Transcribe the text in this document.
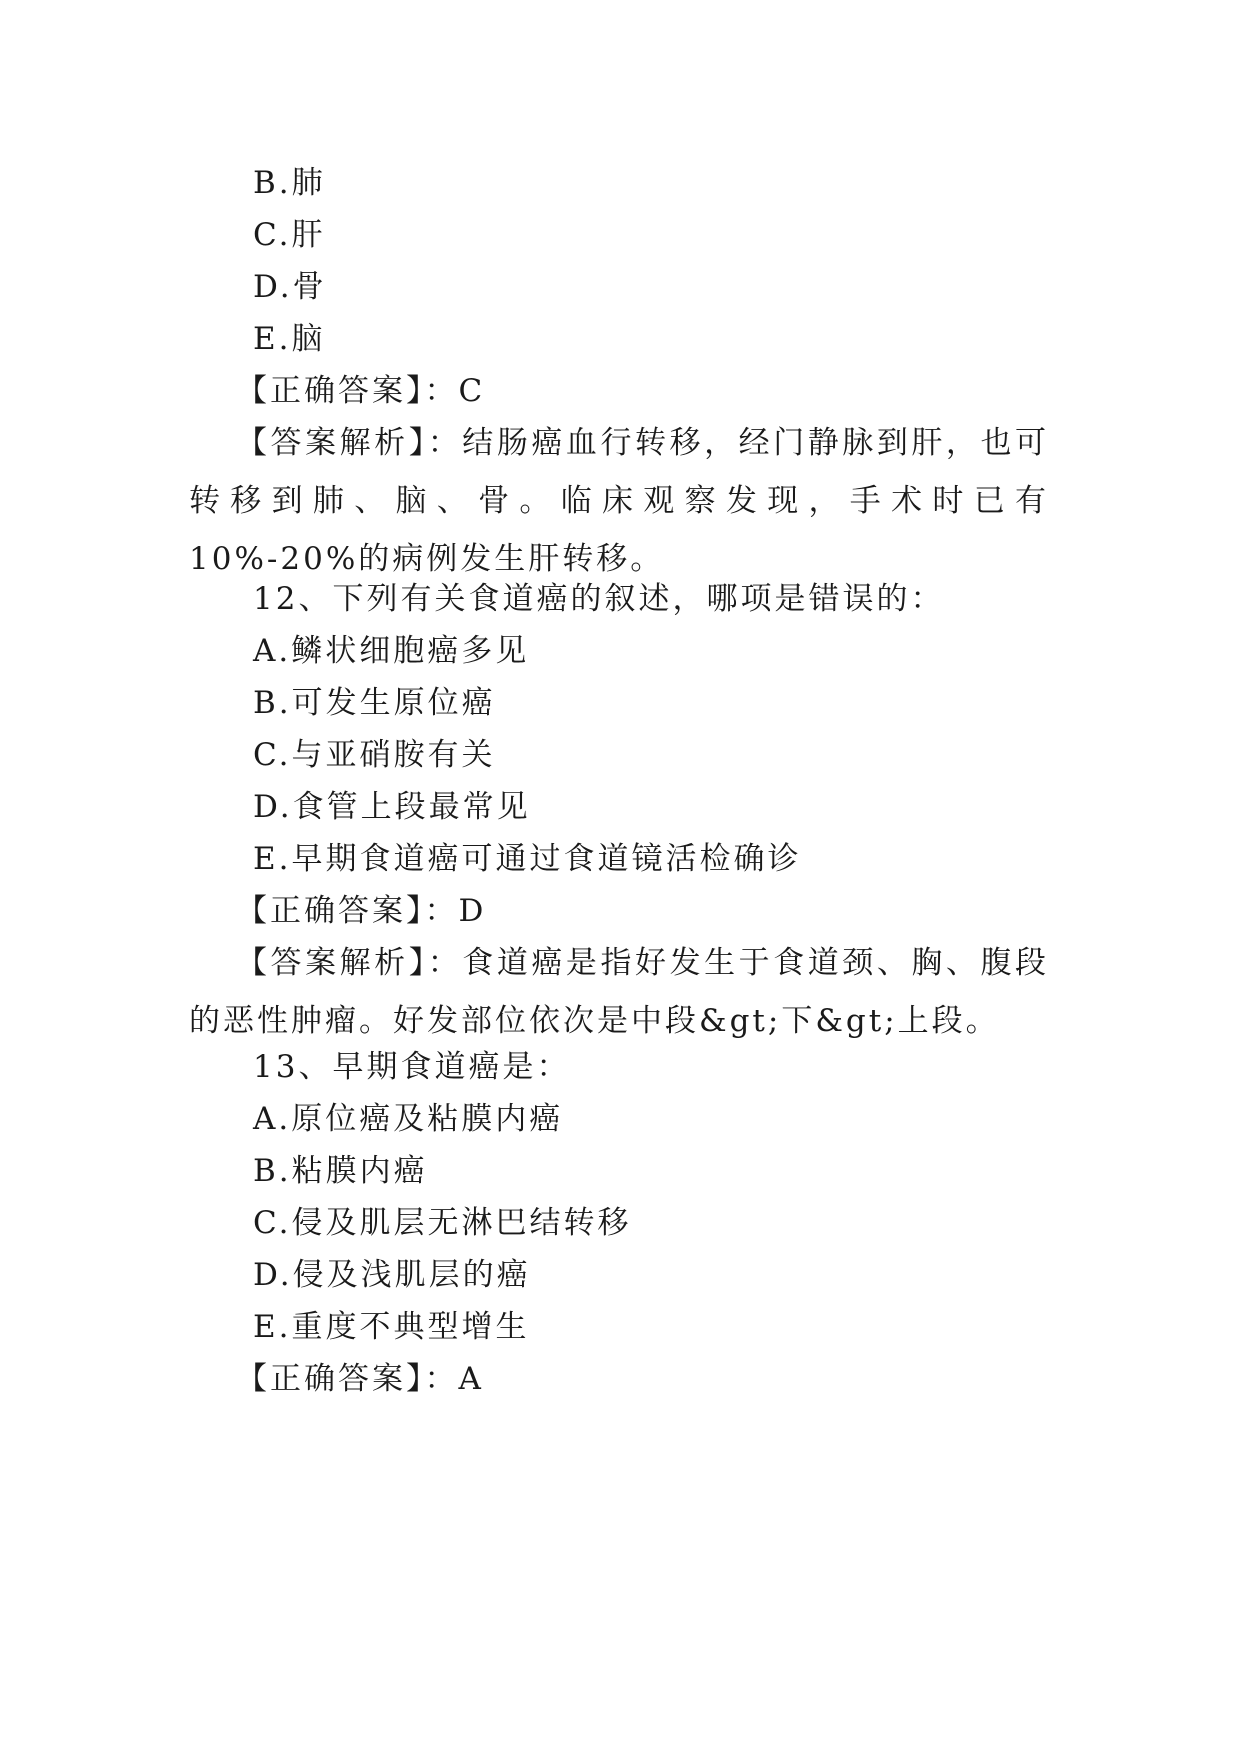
B.肺
C.肝
D.骨
E.脑
【正确答案】：C

【答案解析】：结肠癌血行转移，经门静脉到肝，也可转移到肺、脑、骨。临床观察发现，手术时已有 10%-20%的病例发生肝转移。

12、下列有关食道癌的叙述，哪项是错误的：
A.鳞状细胞癌多见
B.可发生原位癌
C.与亚硝胺有关
D.食管上段最常见
E.早期食道癌可通过食道镜活检确诊
【正确答案】：D

【答案解析】：食道癌是指好发生于食道颈、胸、腹段的恶性肿瘤。好发部位依次是中段&gt;下&gt;上段。

13、早期食道癌是：
A.原位癌及粘膜内癌
B.粘膜内癌
C.侵及肌层无淋巴结转移
D.侵及浅肌层的癌
E.重度不典型增生
【正确答案】：A
